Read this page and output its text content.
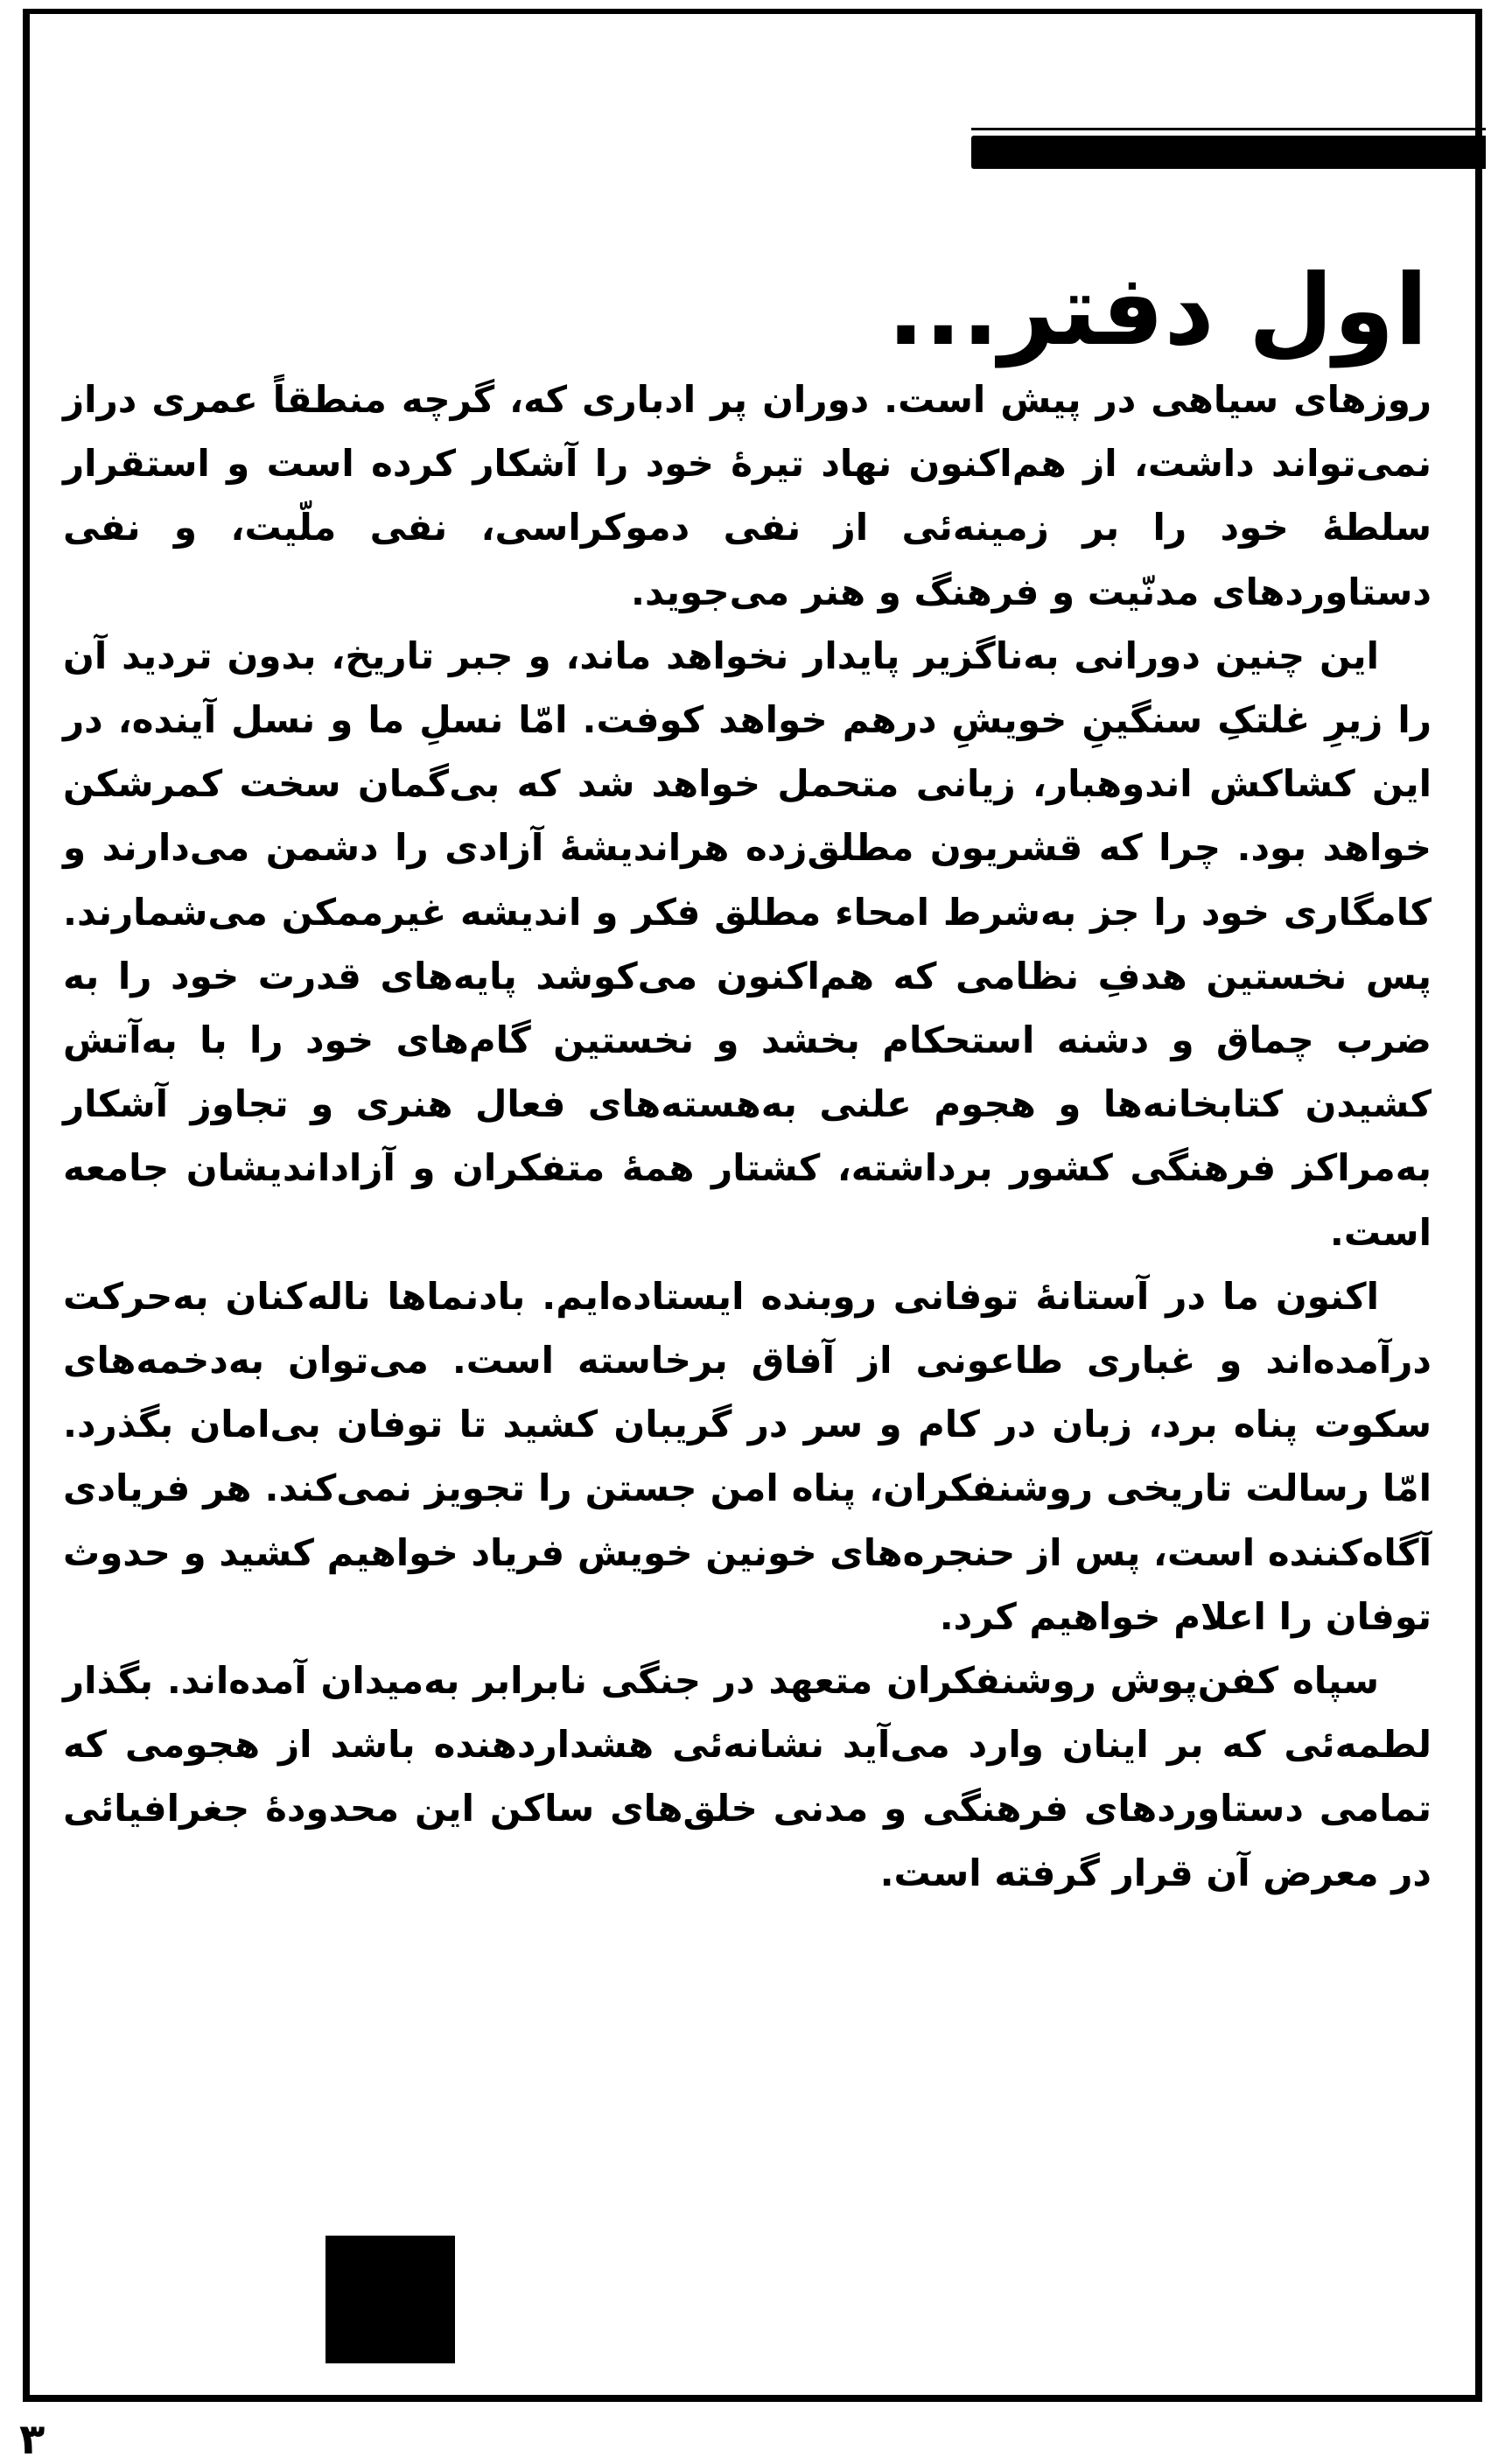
اول دفتر...

روزهای سیاهی در پیش است. دوران پر ادباری که، گرچه منطقاً عمری دراز نمی‌تواند داشت، از هم‌اکنون نهاد تیرهٔ خود را آشکار کرده است و استقرار سلطهٔ خود را بر زمینه‌ئی از نفی دموکراسی، نفی ملّیت، و نفی دستاوردهای مدنّیت و فرهنگ و هنر می‌جوید.

این چنین دورانی به‌ناگزیر پایدار نخواهد ماند، و جبر تاریخ، بدون تردید آن را زیرِ غلتکِ سنگینِ خویشِ درهم خواهد کوفت. امّا نسلِ ما و نسل آینده، در این کشاکش اندوهبار، زیانی متحمل خواهد شد که بی‌گمان سخت کمرشکن خواهد بود. چرا که قشریون مطلق‌زده هراندیشهٔ آزادی را دشمن می‌دارند و کامگاری خود را جز به‌شرط امحاء مطلق فکر و اندیشه غیرممکن می‌شمارند. پس نخستین هدفِ نظامی که هم‌اکنون می‌کوشد پایه‌های قدرت خود را به ضرب چماق و دشنه استحکام بخشد و نخستین گام‌های خود را با به‌آتش کشیدن کتابخانه‌ها و هجوم علنی به‌هسته‌های فعال هنری و تجاوز آشکار به‌مراکز فرهنگی کشور برداشته، کشتار همهٔ متفکران و آزاداندیشان جامعه است.

اکنون ما در آستانهٔ توفانی روبنده ایستاده‌ایم. بادنماها ناله‌کنان به‌حرکت درآمده‌اند و غباری طاعونی از آفاق برخاسته است. می‌توان به‌دخمه‌های سکوت پناه برد، زبان در کام و سر در گریبان کشید تا توفان بی‌امان بگذرد. امّا رسالت تاریخی روشنفکران، پناه امن جستن را تجویز نمی‌کند. هر فریادی آگاه‌کننده است، پس از حنجره‌های خونین خویش فریاد خواهیم کشید و حدوث توفان را اعلام خواهیم کرد.

سپاه کفن‌پوش روشنفکران متعهد در جنگی نابرابر به‌میدان آمده‌اند. بگذار لطمه‌ئی که بر اینان وارد می‌آید نشانه‌ئی هشداردهنده باشد از هجومی که تمامی دستاوردهای فرهنگی و مدنی خلق‌های ساکن این محدودهٔ جغرافیائی در معرض آن قرار گرفته است.

۳
